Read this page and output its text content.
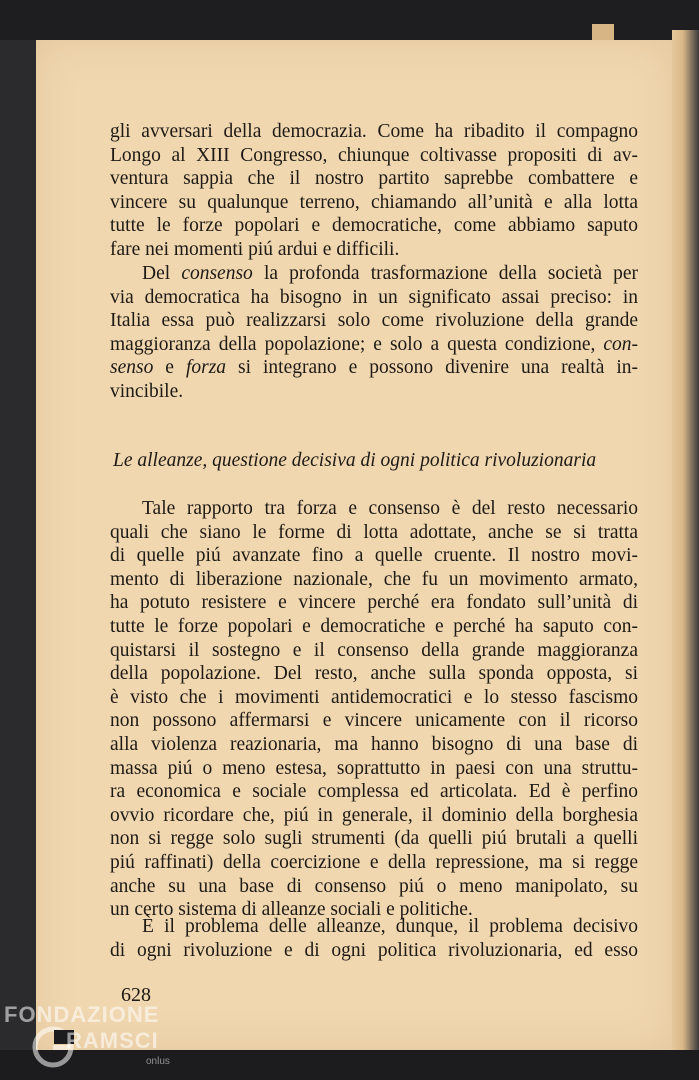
gli avversari della democrazia. Come ha ribadito il compagno
Longo al XIII Congresso, chiunque coltivasse propositi di av-
ventura sappia che il nostro partito saprebbe combattere e
vincere su qualunque terreno, chiamando all’unità e alla lotta
tutte le forze popolari e democratiche, come abbiamo saputo
fare nei momenti piú ardui e difficili.
Del consenso la profonda trasformazione della società per
via democratica ha bisogno in un significato assai preciso: in
Italia essa può realizzarsi solo come rivoluzione della grande
maggioranza della popolazione; e solo a questa condizione, con-
senso e forza si integrano e possono divenire una realtà in-
vincibile.
Le alleanze, questione decisiva di ogni politica rivoluzionaria
Tale rapporto tra forza e consenso è del resto necessario
quali che siano le forme di lotta adottate, anche se si tratta
di quelle piú avanzate fino a quelle cruente. Il nostro movi-
mento di liberazione nazionale, che fu un movimento armato,
ha potuto resistere e vincere perché era fondato sull’unità di
tutte le forze popolari e democratiche e perché ha saputo con-
quistarsi il sostegno e il consenso della grande maggioranza
della popolazione. Del resto, anche sulla sponda opposta, si
è visto che i movimenti antidemocratici e lo stesso fascismo
non possono affermarsi e vincere unicamente con il ricorso
alla violenza reazionaria, ma hanno bisogno di una base di
massa piú o meno estesa, soprattutto in paesi con una struttu-
ra economica e sociale complessa ed articolata. Ed è perfino
ovvio ricordare che, piú in generale, il dominio della borghesia
non si regge solo sugli strumenti (da quelli piú brutali a quelli
piú raffinati) della coercizione e della repressione, ma si regge
anche su una base di consenso piú o meno manipolato, su
un certo sistema di alleanze sociali e politiche.
È il problema delle alleanze, dunque, il problema decisivo
di ogni rivoluzione e di ogni politica rivoluzionaria, ed esso
628
FONDAZIONE
RAMSCI
onlus
